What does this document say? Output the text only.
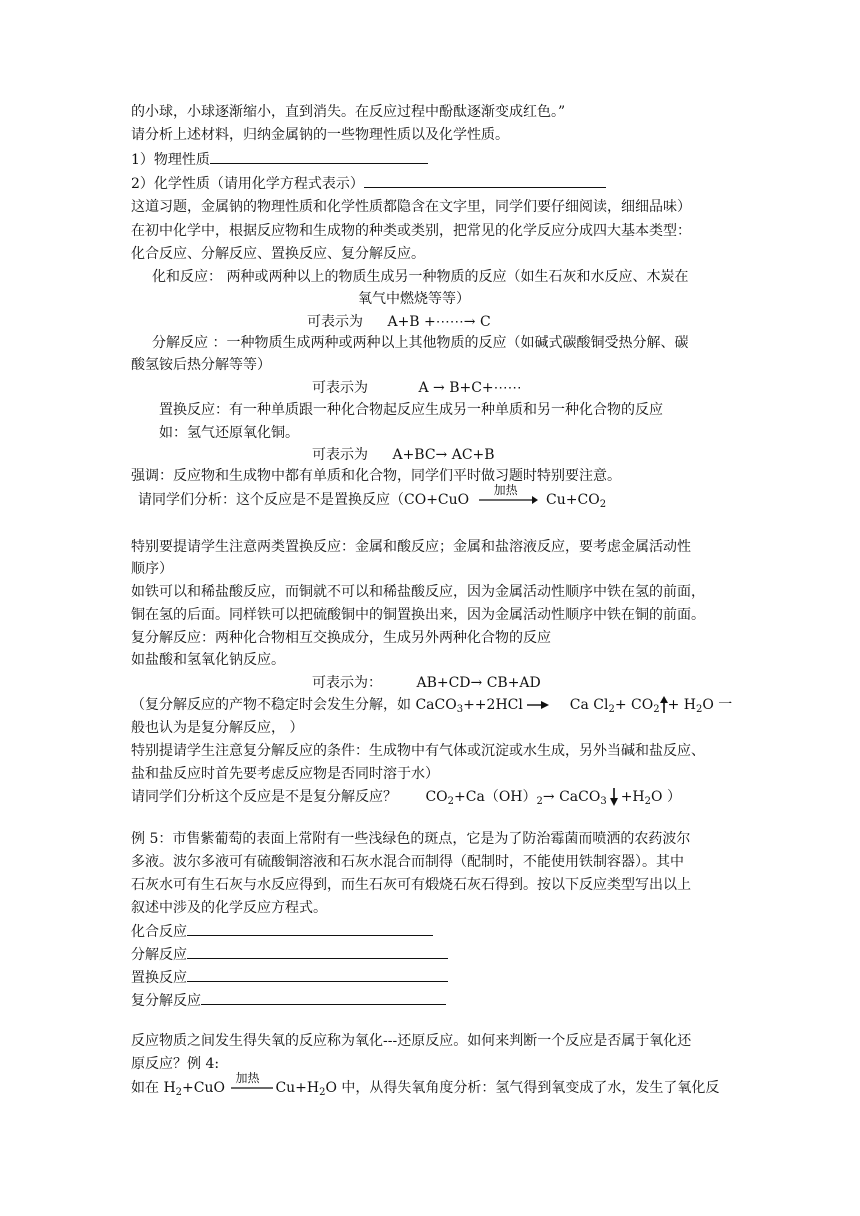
的小球，小球逐渐缩小，直到消失。在反应过程中酚酞逐渐变成红色。”
请分析上述材料，归纳金属钠的一些物理性质以及化学性质。
1）物理性质
2）化学性质（请用化学方程式表示）
这道习题，金属钠的物理性质和化学性质都隐含在文字里，同学们要仔细阅读，细细品味）
在初中化学中，根据反应物和生成物的种类或类别，把常见的化学反应分成四大基本类型：
化合反应、分解反应、置换反应、复分解反应。
化和反应： 两种或两种以上的物质生成另一种物质的反应（如生石灰和水反应、木炭在
氧气中燃烧等等）
可表示为 A+B +⋯⋯→ C
分解反应 ：一种物质生成两种或两种以上其他物质的反应（如碱式碳酸铜受热分解、碳
酸氢铵后热分解等等）
可表示为	A → B+C+⋯⋯
置换反应：有一种单质跟一种化合物起反应生成另一种单质和另一种化合物的反应
如：氢气还原氧化铜。
可表示为 A+BC→ AC+B
强调：反应物和生成物中都有单质和化合物，同学们平时做习题时特别要注意。
请同学们分析：这个反应是不是置换反应（CO+CuO
加热
$Cu+CO_2$
特别要提请学生注意两类置换反应：金属和酸反应；金属和盐溶液反应，要考虑金属活动性
顺序）
如铁可以和稀盐酸反应，而铜就不可以和稀盐酸反应，因为金属活动性顺序中铁在氢的前面，
铜在氢的后面。同样铁可以把硫酸铜中的铜置换出来，因为金属活动性顺序中铁在铜的前面。
复分解反应：两种化合物相互交换成分，生成另外两种化合物的反应
如盐酸和氢氧化钠反应。
可表示为： AB+CD→ CB+AD
（复分解反应的产物不稳定时会发生分解，如 CaCO$_3$++2HCl → Ca $Cl_2+ CO_2 + H_2O$ 一
般也认为是复分解反应， ）
特别提请学生注意复分解反应的条件：生成物中有气体或沉淀或水生成，另外当碱和盐反应、
盐和盐反应时首先要考虑反应物是否同时溶于水）
请同学们分析这个反应是不是复分解反应？ $CO_2+Ca(OH)_2\to$ CaCO$_3$ $+H_2O$ ）
例 5：市售紫葡萄的表面上常附有一些浅绿色的斑点，它是为了防治霉菌而喷洒的农药波尔
多液。波尔多液可有硫酸铜溶液和石灰水混合而制得（配制时，不能使用铁制容器）。其中
石灰水可有生石灰与水反应得到，而生石灰可有煅烧石灰石得到。按以下反应类型写出以上
叙述中涉及的化学反应方程式。
化合反应
分解反应
置换反应
复分解反应
反应物质之间发生得失氧的反应称为氧化---还原反应。如何来判断一个反应是否属于氧化还
原反应？例 4:
如在 $H_2+CuO$
加热
$Cu+H_2O$ 中，从得失氧角度分析：氢气得到氧变成了水，发生了氧化反
